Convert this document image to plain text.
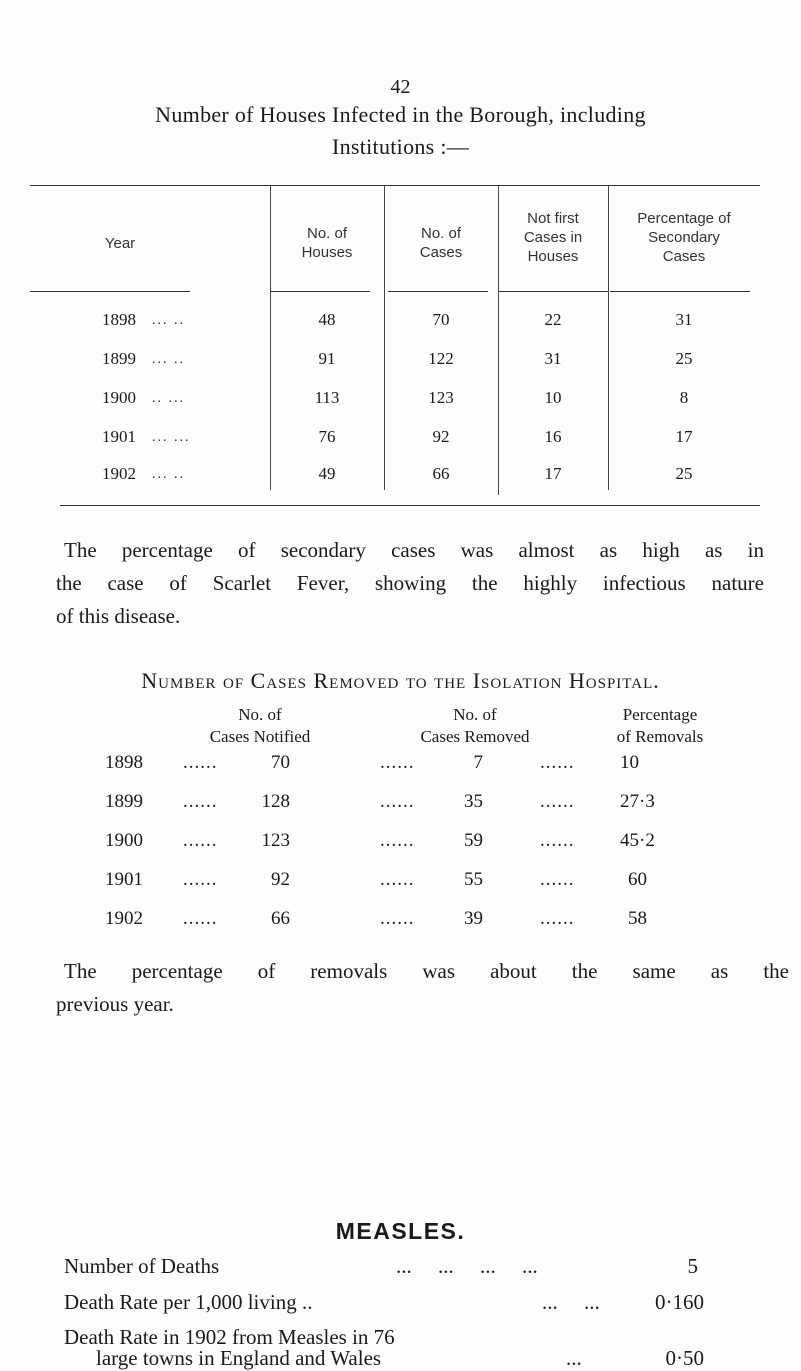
42
Number of Houses Infected in the Borough, including
Institutions :—
Year
No. of
Houses
No. of
Cases
Not first
Cases in
Houses
Percentage of
Secondary
Cases
1898 ... ..	48	70	22	31
1899 ... ..	91	122	31	25
1900 .. ...	113	123	10	8
1901 ... ...	76	92	16	17
1902 ... ..	49	66	17	25
The percentage of secondary cases was almost as high as in
the case of Scarlet Fever, showing the highly infectious nature
of this disease.
Number of Cases Removed to the Isolation Hospital.
No. of
Cases Notified
No. of
Cases Removed
Percentage
of Removals
1898 ......	70	......	7	...... 10
1899 ......	128	......	35	...... 27·3
1900 ......	123	......	59	...... 45·2
1901 ......	92	......	55	......	60
1902 ......	66	......	39	......	58
The percentage of removals was about the same as the
previous year.
MEASLES.
Number of Deaths	...     ...     ...     ...	5
Death Rate per 1,000 living ..	...     ...	0·160
Death Rate in 1902 from Measles in 76
large towns in England and Wales	...	0·50
